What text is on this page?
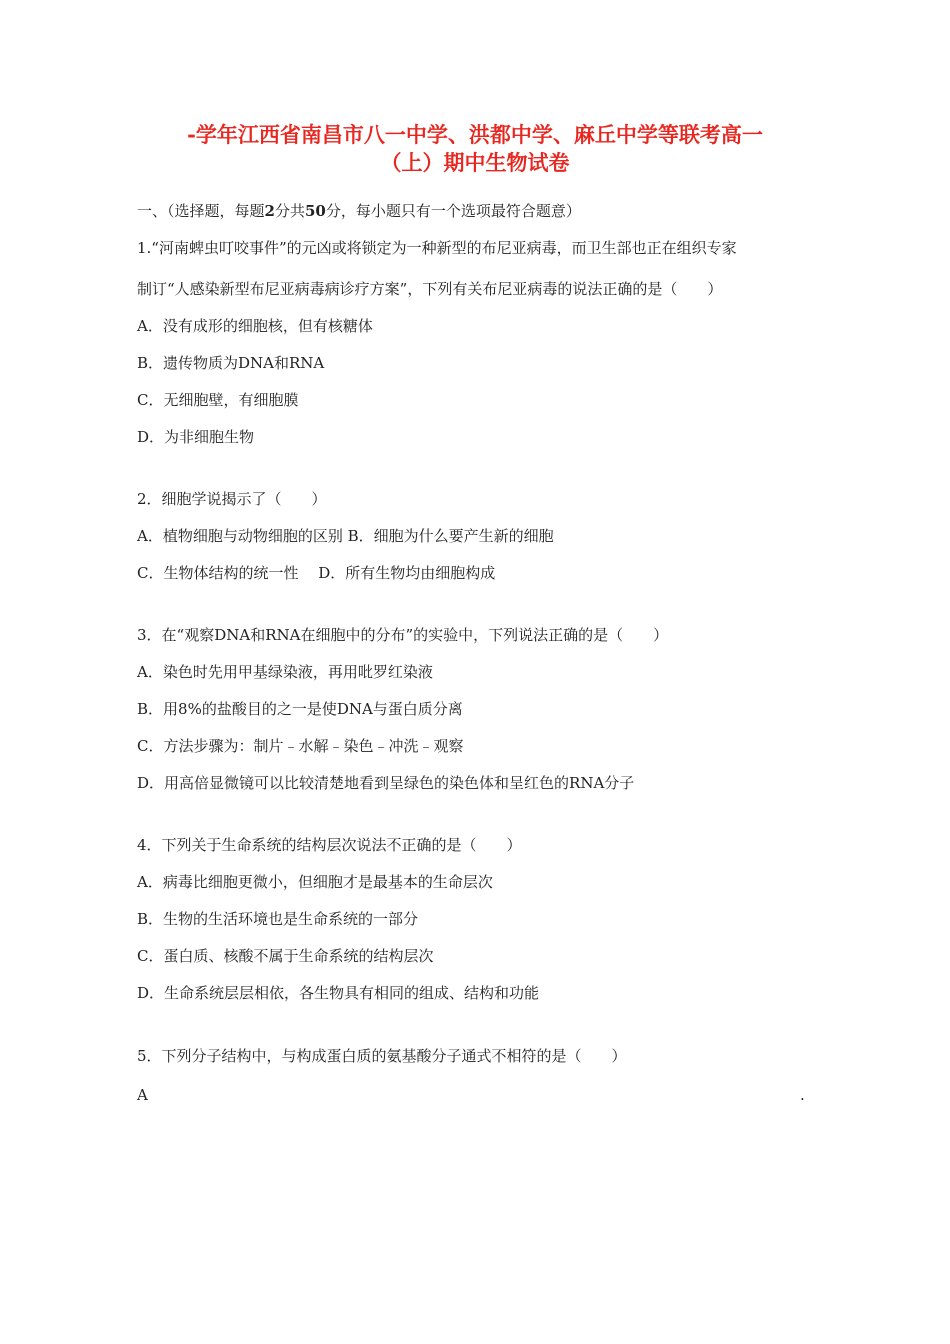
-学年江西省南昌市八一中学、洪都中学、麻丘中学等联考高一
（上）期中生物试卷
一、（选择题，每题2分共50分，每小题只有一个选项最符合题意）
1.“河南蜱虫叮咬事件”的元凶或将锁定为一种新型的布尼亚病毒，而卫生部也正在组织专家
制订“人感染新型布尼亚病毒病诊疗方案”，下列有关布尼亚病毒的说法正确的是（　　）
A．没有成形的细胞核，但有核糖体
B．遗传物质为DNA和RNA
C．无细胞壁，有细胞膜
D．为非细胞生物
2．细胞学说揭示了（　　）
A．植物细胞与动物细胞的区别 B．细胞为什么要产生新的细胞
C．生物体结构的统一性　 D．所有生物均由细胞构成
3．在“观察DNA和RNA在细胞中的分布”的实验中，下列说法正确的是（　　）
A．染色时先用甲基绿染液，再用吡罗红染液
B．用8%的盐酸目的之一是使DNA与蛋白质分离
C．方法步骤为：制片﹣水解﹣染色﹣冲洗﹣观察
D．用高倍显微镜可以比较清楚地看到呈绿色的染色体和呈红色的RNA分子
4．下列关于生命系统的结构层次说法不正确的是（　　）
A．病毒比细胞更微小，但细胞才是最基本的生命层次
B．生物的生活环境也是生命系统的一部分
C．蛋白质、核酸不属于生命系统的结构层次
D．生命系统层层相依，各生物具有相同的组成、结构和功能
5．下列分子结构中，与构成蛋白质的氨基酸分子通式不相符的是（　　）
A	.
